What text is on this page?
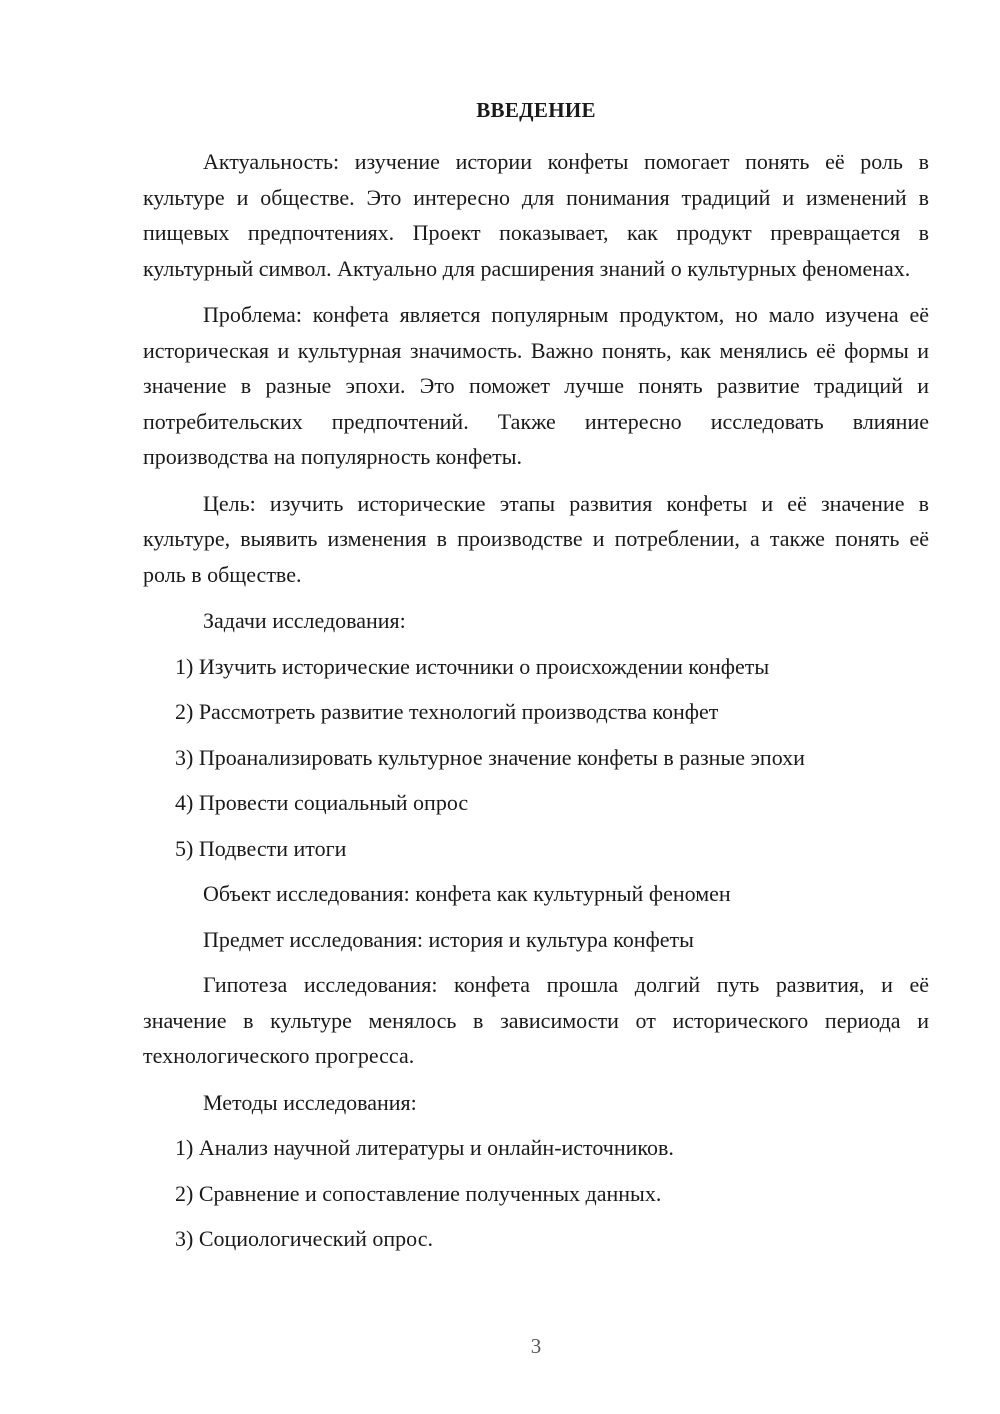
ВВЕДЕНИЕ

Актуальность: изучение истории конфеты помогает понять её роль в культуре и обществе. Это интересно для понимания традиций и изменений в пищевых предпочтениях. Проект показывает, как продукт превращается в культурный символ. Актуально для расширения знаний о культурных феноменах.

Проблема: конфета является популярным продуктом, но мало изучена её историческая и культурная значимость. Важно понять, как менялись её формы и значение в разные эпохи. Это поможет лучше понять развитие традиций и потребительских предпочтений. Также интересно исследовать влияние производства на популярность конфеты.

Цель: изучить исторические этапы развития конфеты и её значение в культуре, выявить изменения в производстве и потреблении, а также понять её роль в обществе.

Задачи исследования:

1) Изучить исторические источники о происхождении конфеты
2) Рассмотреть развитие технологий производства конфет
3) Проанализировать культурное значение конфеты в разные эпохи
4) Провести социальный опрос
5) Подвести итоги

Объект исследования: конфета как культурный феномен

Предмет исследования: история и культура конфеты

Гипотеза исследования: конфета прошла долгий путь развития, и её значение в культуре менялось в зависимости от исторического периода и технологического прогресса.

Методы исследования:

1) Анализ научной литературы и онлайн-источников.
2) Сравнение и сопоставление полученных данных.
3) Социологический опрос.
3
